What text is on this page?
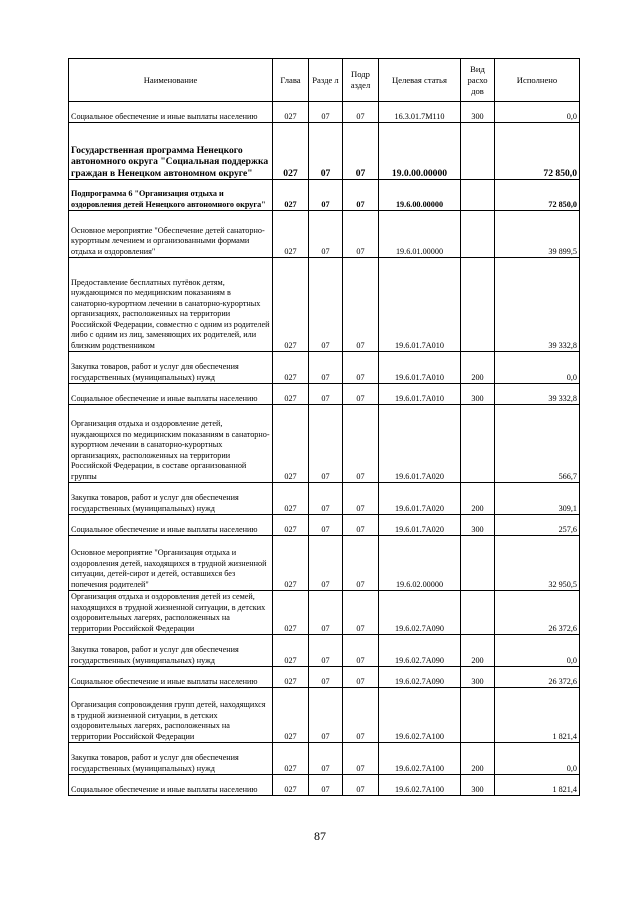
Наименование	Глава	Разде л	Подр аздел	Целевая статья	Вид расхо дов	Исполнено
Социальное обеспечение и иные выплаты населению	027	07	07	16.3.01.7М110	300	0,0
Государственная программа Ненецкого автономного округа "Социальная поддержка граждан в Ненецком автономном округе"	027	07	07	19.0.00.00000		72 850,0
Подпрограмма 6 "Организация отдыха и оздоровления детей Ненецкого автономного округа"	027	07	07	19.6.00.00000		72 850,0
Основное мероприятие "Обеспечение детей санаторно-курортным лечением и организованными формами отдыха и оздоровления"	027	07	07	19.6.01.00000		39 899,5
Предоставление бесплатных путёвок детям, нуждающимся по медицинским показаниям в санаторно-курортном лечении в санаторно-курортных организациях, расположенных на территории Российской Федерации, совместно с одним из родителей либо с одним из лиц, заменяющих их родителей, или близким родственником	027	07	07	19.6.01.7А010		39 332,8
Закупка товаров, работ и услуг для обеспечения государственных (муниципальных) нужд	027	07	07	19.6.01.7А010	200	0,0
Социальное обеспечение и иные выплаты населению	027	07	07	19.6.01.7А010	300	39 332,8
Организация отдыха и оздоровление детей, нуждающихся по медицинским показаниям в санаторно-курортном лечении в санаторно-курортных организациях, расположенных на территории Российской Федерации, в составе организованной группы	027	07	07	19.6.01.7А020		566,7
Закупка товаров, работ и услуг для обеспечения государственных (муниципальных) нужд	027	07	07	19.6.01.7А020	200	309,1
Социальное обеспечение и иные выплаты населению	027	07	07	19.6.01.7А020	300	257,6
Основное мероприятие "Организация отдыха и оздоровления детей, находящихся в трудной жизненной ситуации, детей-сирот и детей, оставшихся без попечения родителей"	027	07	07	19.6.02.00000		32 950,5
Организация отдыха и оздоровления детей из семей, находящихся в трудной жизненной ситуации, в детских оздоровительных лагерях, расположенных на территории Российской Федерации	027	07	07	19.6.02.7А090		26 372,6
Закупка товаров, работ и услуг для обеспечения государственных (муниципальных) нужд	027	07	07	19.6.02.7А090	200	0,0
Социальное обеспечение и иные выплаты населению	027	07	07	19.6.02.7А090	300	26 372,6
Организация сопровождения групп детей, находящихся в трудной жизненной ситуации, в детских оздоровительных лагерях, расположенных на территории Российской Федерации	027	07	07	19.6.02.7А100		1 821,4
Закупка товаров, работ и услуг для обеспечения государственных (муниципальных) нужд	027	07	07	19.6.02.7А100	200	0,0
Социальное обеспечение и иные выплаты населению	027	07	07	19.6.02.7А100	300	1 821,4
87
